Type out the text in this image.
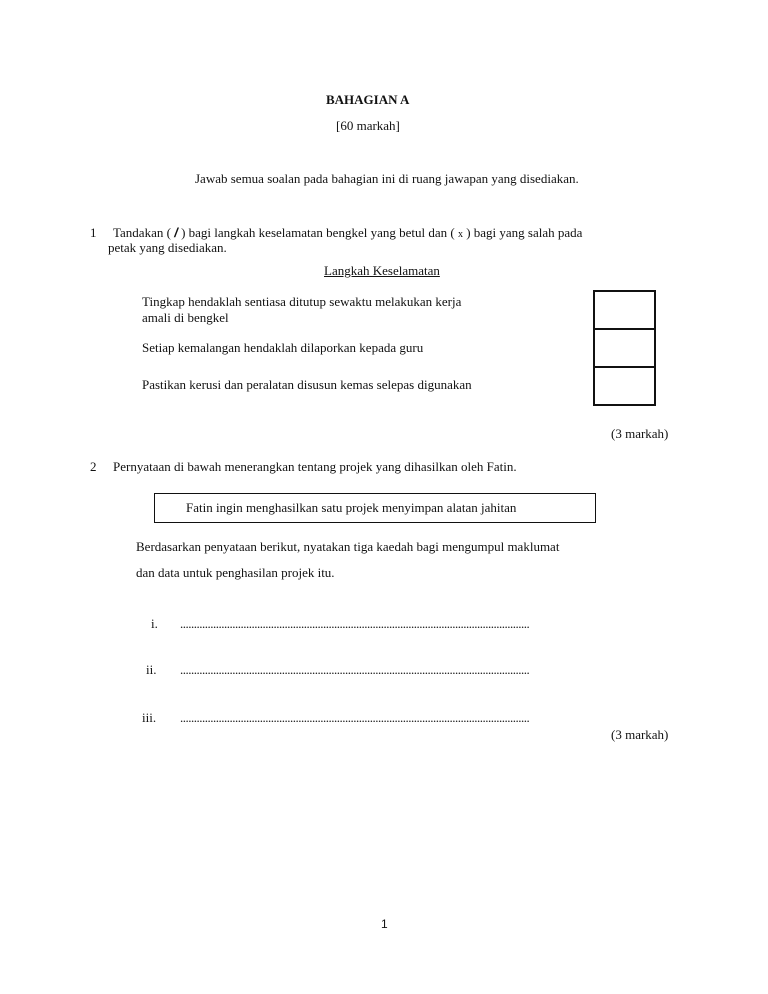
BAHAGIAN A
[60 markah]
Jawab semua soalan pada bahagian ini di ruang jawapan yang disediakan.
1 Tandakan ( / ) bagi langkah keselamatan bengkel yang betul dan ( x ) bagi yang salah pada
petak yang disediakan.
Langkah Keselamatan
Tingkap hendaklah sentiasa ditutup sewaktu melakukan kerja
amali di bengkel
Setiap kemalangan hendaklah dilaporkan kepada guru
Pastikan kerusi dan peralatan disusun kemas selepas digunakan
(3 markah)
2 Pernyataan di bawah menerangkan tentang projek yang dihasilkan oleh Fatin.
Fatin ingin menghasilkan satu projek menyimpan alatan jahitan
Berdasarkan penyataan berikut, nyatakan tiga kaedah bagi mengumpul maklumat
dan data untuk penghasilan projek itu.
i. ...............................................................................................................................
ii. ...............................................................................................................................
iii. ...............................................................................................................................
(3 markah)
1
